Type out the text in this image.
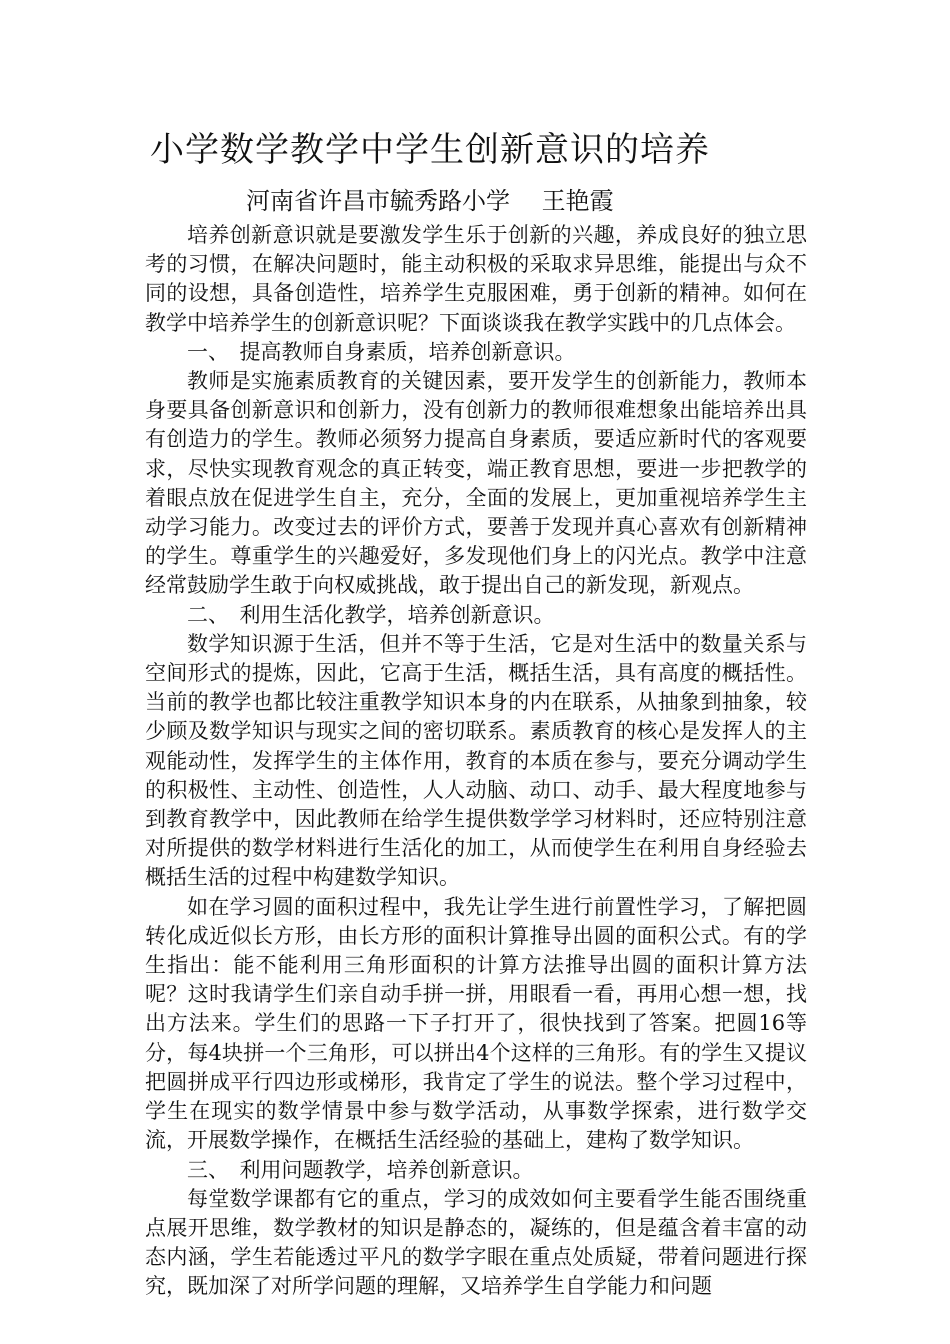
小学数学教学中学生创新意识的培养
河南省许昌市毓秀路小学　 王艳霞

培养创新意识就是要激发学生乐于创新的兴趣，养成良好的独立思考的习惯，在解决问题时，能主动积极的采取求异思维，能提出与众不同的设想，具备创造性，培养学生克服困难，勇于创新的精神。如何在教学中培养学生的创新意识呢？下面谈谈我在教学实践中的几点体会。

一、　提高教师自身素质，培养创新意识。

教师是实施素质教育的关键因素，要开发学生的创新能力，教师本身要具备创新意识和创新力，没有创新力的教师很难想象出能培养出具有创造力的学生。教师必须努力提高自身素质，要适应新时代的客观要求，尽快实现教育观念的真正转变，端正教育思想，要进一步把教学的着眼点放在促进学生自主，充分，全面的发展上，更加重视培养学生主动学习能力。改变过去的评价方式，要善于发现并真心喜欢有创新精神的学生。尊重学生的兴趣爱好，多发现他们身上的闪光点。教学中注意经常鼓励学生敢于向权威挑战，敢于提出自己的新发现，新观点。

二、　利用生活化教学，培养创新意识。

数学知识源于生活，但并不等于生活，它是对生活中的数量关系与空间形式的提炼，因此，它高于生活，概括生活，具有高度的概括性。当前的教学也都比较注重教学知识本身的内在联系，从抽象到抽象，较少顾及数学知识与现实之间的密切联系。素质教育的核心是发挥人的主观能动性，发挥学生的主体作用，教育的本质在参与，要充分调动学生的积极性、主动性、创造性，人人动脑、动口、动手、最大程度地参与到教育教学中，因此教师在给学生提供数学学习材料时，还应特别注意对所提供的数学材料进行生活化的加工，从而使学生在利用自身经验去概括生活的过程中构建数学知识。

如在学习圆的面积过程中，我先让学生进行前置性学习，了解把圆转化成近似长方形，由长方形的面积计算推导出圆的面积公式。有的学生指出：能不能利用三角形面积的计算方法推导出圆的面积计算方法呢？这时我请学生们亲自动手拼一拼，用眼看一看，再用心想一想，找出方法来。学生们的思路一下子打开了，很快找到了答案。把圆16等分，每4块拼一个三角形，可以拼出4个这样的三角形。有的学生又提议把圆拼成平行四边形或梯形，我肯定了学生的说法。整个学习过程中，学生在现实的数学情景中参与数学活动，从事数学探索，进行数学交流，开展数学操作，在概括生活经验的基础上，建构了数学知识。

三、　利用问题教学，培养创新意识。

每堂数学课都有它的重点，学习的成效如何主要看学生能否围绕重点展开思维，数学教材的知识是静态的，凝练的，但是蕴含着丰富的动态内涵，学生若能透过平凡的数学字眼在重点处质疑，带着问题进行探究，既加深了对所学问题的理解，又培养学生自学能力和问题
